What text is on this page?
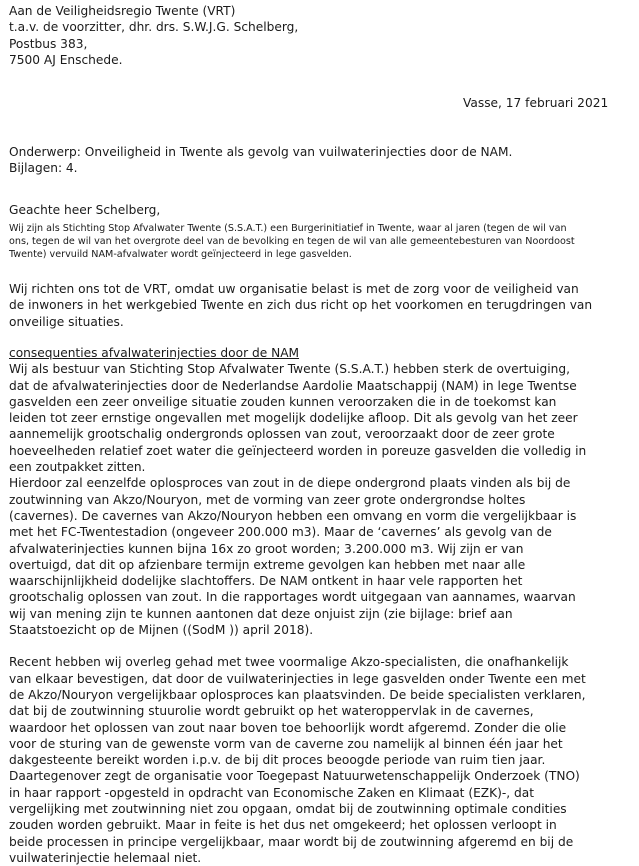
Aan de Veiligheidsregio Twente (VRT)
t.a.v. de voorzitter, dhr. drs. S.W.J.G. Schelberg,
Postbus 383,
7500 AJ Enschede.
Vasse, 17 februari 2021
Onderwerp: Onveiligheid in Twente als gevolg van vuilwaterinjecties door de NAM.
Bijlagen: 4.
Geachte heer Schelberg,
Wij zijn als Stichting Stop Afvalwater Twente (S.S.A.T.) een Burgerinitiatief in Twente, waar al jaren (tegen de wil van
ons, tegen de wil van het overgrote deel van de bevolking en tegen de wil van alle gemeentebesturen van Noordoost
Twente) vervuild NAM-afvalwater wordt geïnjecteerd in lege gasvelden.
Wij richten ons tot de VRT, omdat uw organisatie belast is met de zorg voor de veiligheid van
de inwoners in het werkgebied Twente en zich dus richt op het voorkomen en terugdringen van
onveilige situaties.
consequenties afvalwaterinjecties door de NAM
Wij als bestuur van Stichting Stop Afvalwater Twente (S.S.A.T.) hebben sterk de overtuiging,
dat de afvalwaterinjecties door de Nederlandse Aardolie Maatschappij (NAM) in lege Twentse
gasvelden een zeer onveilige situatie zouden kunnen veroorzaken die in de toekomst kan
leiden tot zeer ernstige ongevallen met mogelijk dodelijke afloop. Dit als gevolg van het zeer
aannemelijk grootschalig ondergronds oplossen van zout, veroorzaakt door de zeer grote
hoeveelheden relatief zoet water die geïnjecteerd worden in poreuze gasvelden die volledig in
een zoutpakket zitten.
Hierdoor zal eenzelfde oplosproces van zout in de diepe ondergrond plaats vinden als bij de
zoutwinning van Akzo/Nouryon, met de vorming van zeer grote ondergrondse holtes
(cavernes). De cavernes van Akzo/Nouryon hebben een omvang en vorm die vergelijkbaar is
met het FC-Twentestadion (ongeveer 200.000 m3). Maar de ‘cavernes’ als gevolg van de
afvalwaterinjecties kunnen bijna 16x zo groot worden; 3.200.000 m3. Wij zijn er van
overtuigd, dat dit op afzienbare termijn extreme gevolgen kan hebben met naar alle
waarschijnlijkheid dodelijke slachtoffers. De NAM ontkent in haar vele rapporten het
grootschalig oplossen van zout. In die rapportages wordt uitgegaan van aannames, waarvan
wij van mening zijn te kunnen aantonen dat deze onjuist zijn (zie bijlage: brief aan
Staatstoezicht op de Mijnen ((SodM )) april 2018).
Recent hebben wij overleg gehad met twee voormalige Akzo-specialisten, die onafhankelijk
van elkaar bevestigen, dat door de vuilwaterinjecties in lege gasvelden onder Twente een met
de Akzo/Nouryon vergelijkbaar oplosproces kan plaatsvinden. De beide specialisten verklaren,
dat bij de zoutwinning stuurolie wordt gebruikt op het wateroppervlak in de cavernes,
waardoor het oplossen van zout naar boven toe behoorlijk wordt afgeremd. Zonder die olie
voor de sturing van de gewenste vorm van de caverne zou namelijk al binnen één jaar het
dakgesteente bereikt worden i.p.v. de bij dit proces beoogde periode van ruim tien jaar.
Daartegenover zegt de organisatie voor Toegepast Natuurwetenschappelijk Onderzoek (TNO)
in haar rapport -opgesteld in opdracht van Economische Zaken en Klimaat (EZK)-, dat
vergelijking met zoutwinning niet zou opgaan, omdat bij de zoutwinning optimale condities
zouden worden gebruikt. Maar in feite is het dus net omgekeerd; het oplossen verloopt in
beide processen in principe vergelijkbaar, maar wordt bij de zoutwinning afgeremd en bij de
vuilwaterinjectie helemaal niet.
